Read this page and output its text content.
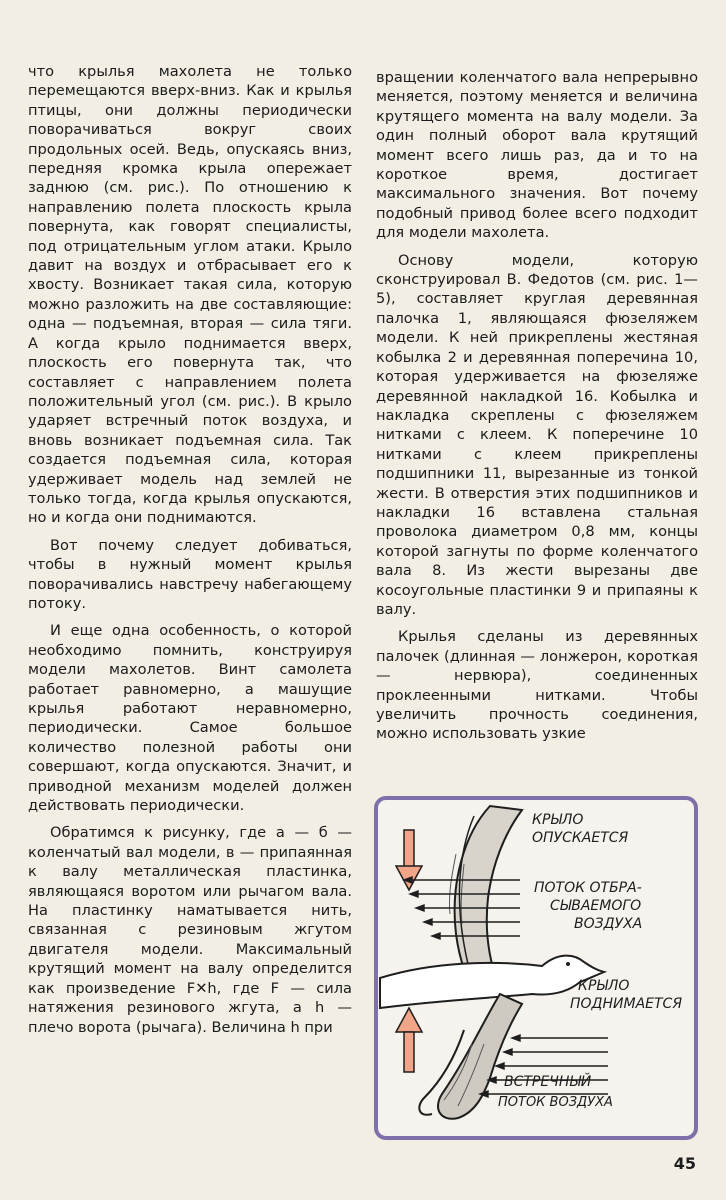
что крылья махолета не только перемещаются вверх-вниз. Как и крылья птицы, они должны периодически поворачиваться вокруг своих продольных осей. Ведь, опускаясь вниз, передняя кромка крыла опережает заднюю (см. рис.). По отношению к направлению полета плоскость крыла повернута, как говорят специалисты, под отрицательным углом атаки. Крыло давит на воздух и отбрасывает его к хвосту. Возникает такая сила, которую можно разложить на две составляющие: одна — подъемная, вторая — сила тяги. А когда крыло поднимается вверх, плоскость его повернута так, что составляет с направлением полета положительный угол (см. рис.). В крыло ударяет встречный поток воздуха, и вновь возникает подъемная сила. Так создается подъемная сила, которая удерживает модель над землей не только тогда, когда крылья опускаются, но и когда они поднимаются.

Вот почему следует добиваться, чтобы в нужный момент крылья поворачивались навстречу набегающему потоку.

И еще одна особенность, о которой необходимо помнить, конструируя модели махолетов. Винт самолета работает равномерно, а машущие крылья работают неравномерно, периодически. Самое большое количество полезной работы они совершают, когда опускаются. Значит, и приводной механизм моделей должен действовать периодически.

Обратимся к рисунку, где а — б — коленчатый вал модели, в — припаянная к валу металлическая пластинка, являющаяся воротом или рычагом вала. На пластинку наматывается нить, связанная с резиновым жгутом двигателя модели. Максимальный крутящий момент на валу определится как произведение F✕h, где F — сила натяжения резинового жгута, а h — плечо ворота (рычага). Величина h при

вращении коленчатого вала непрерывно меняется, поэтому меняется и величина крутящего момента на валу модели. За один полный оборот вала крутящий момент всего лишь раз, да и то на короткое время, достигает максимального значения. Вот почему подобный привод более всего подходит для модели махолета.

Основу модели, которую сконструировал В. Федотов (см. рис. 1—5), составляет круглая деревянная палочка 1, являющаяся фюзеляжем модели. К ней прикреплены жестяная кобылка 2 и деревянная поперечина 10, которая удерживается на фюзеляже деревянной накладкой 16. Кобылка и накладка скреплены с фюзеляжем нитками с клеем. К поперечине 10 нитками с клеем прикреплены подшипники 11, вырезанные из тонкой жести. В отверстия этих подшипников и накладки 16 вставлена стальная проволока диаметром 0,8 мм, концы которой загнуты по форме коленчатого вала 8. Из жести вырезаны две косоугольные пластинки 9 и припаяны к валу.

Крылья сделаны из деревянных палочек (длинная — лонжерон, короткая — нервюра), соединенных проклеенными нитками. Чтобы увеличить прочность соединения, можно использовать узкие

КРЫЛО
ОПУСКАЕТСЯ
ПОТОК ОТБРА-
СЫВАЕМОГО
ВОЗДУХА
КРЫЛО
ПОДНИМАЕТСЯ
ВСТРЕЧНЫЙ
ПОТОК ВОЗДУХА
45
